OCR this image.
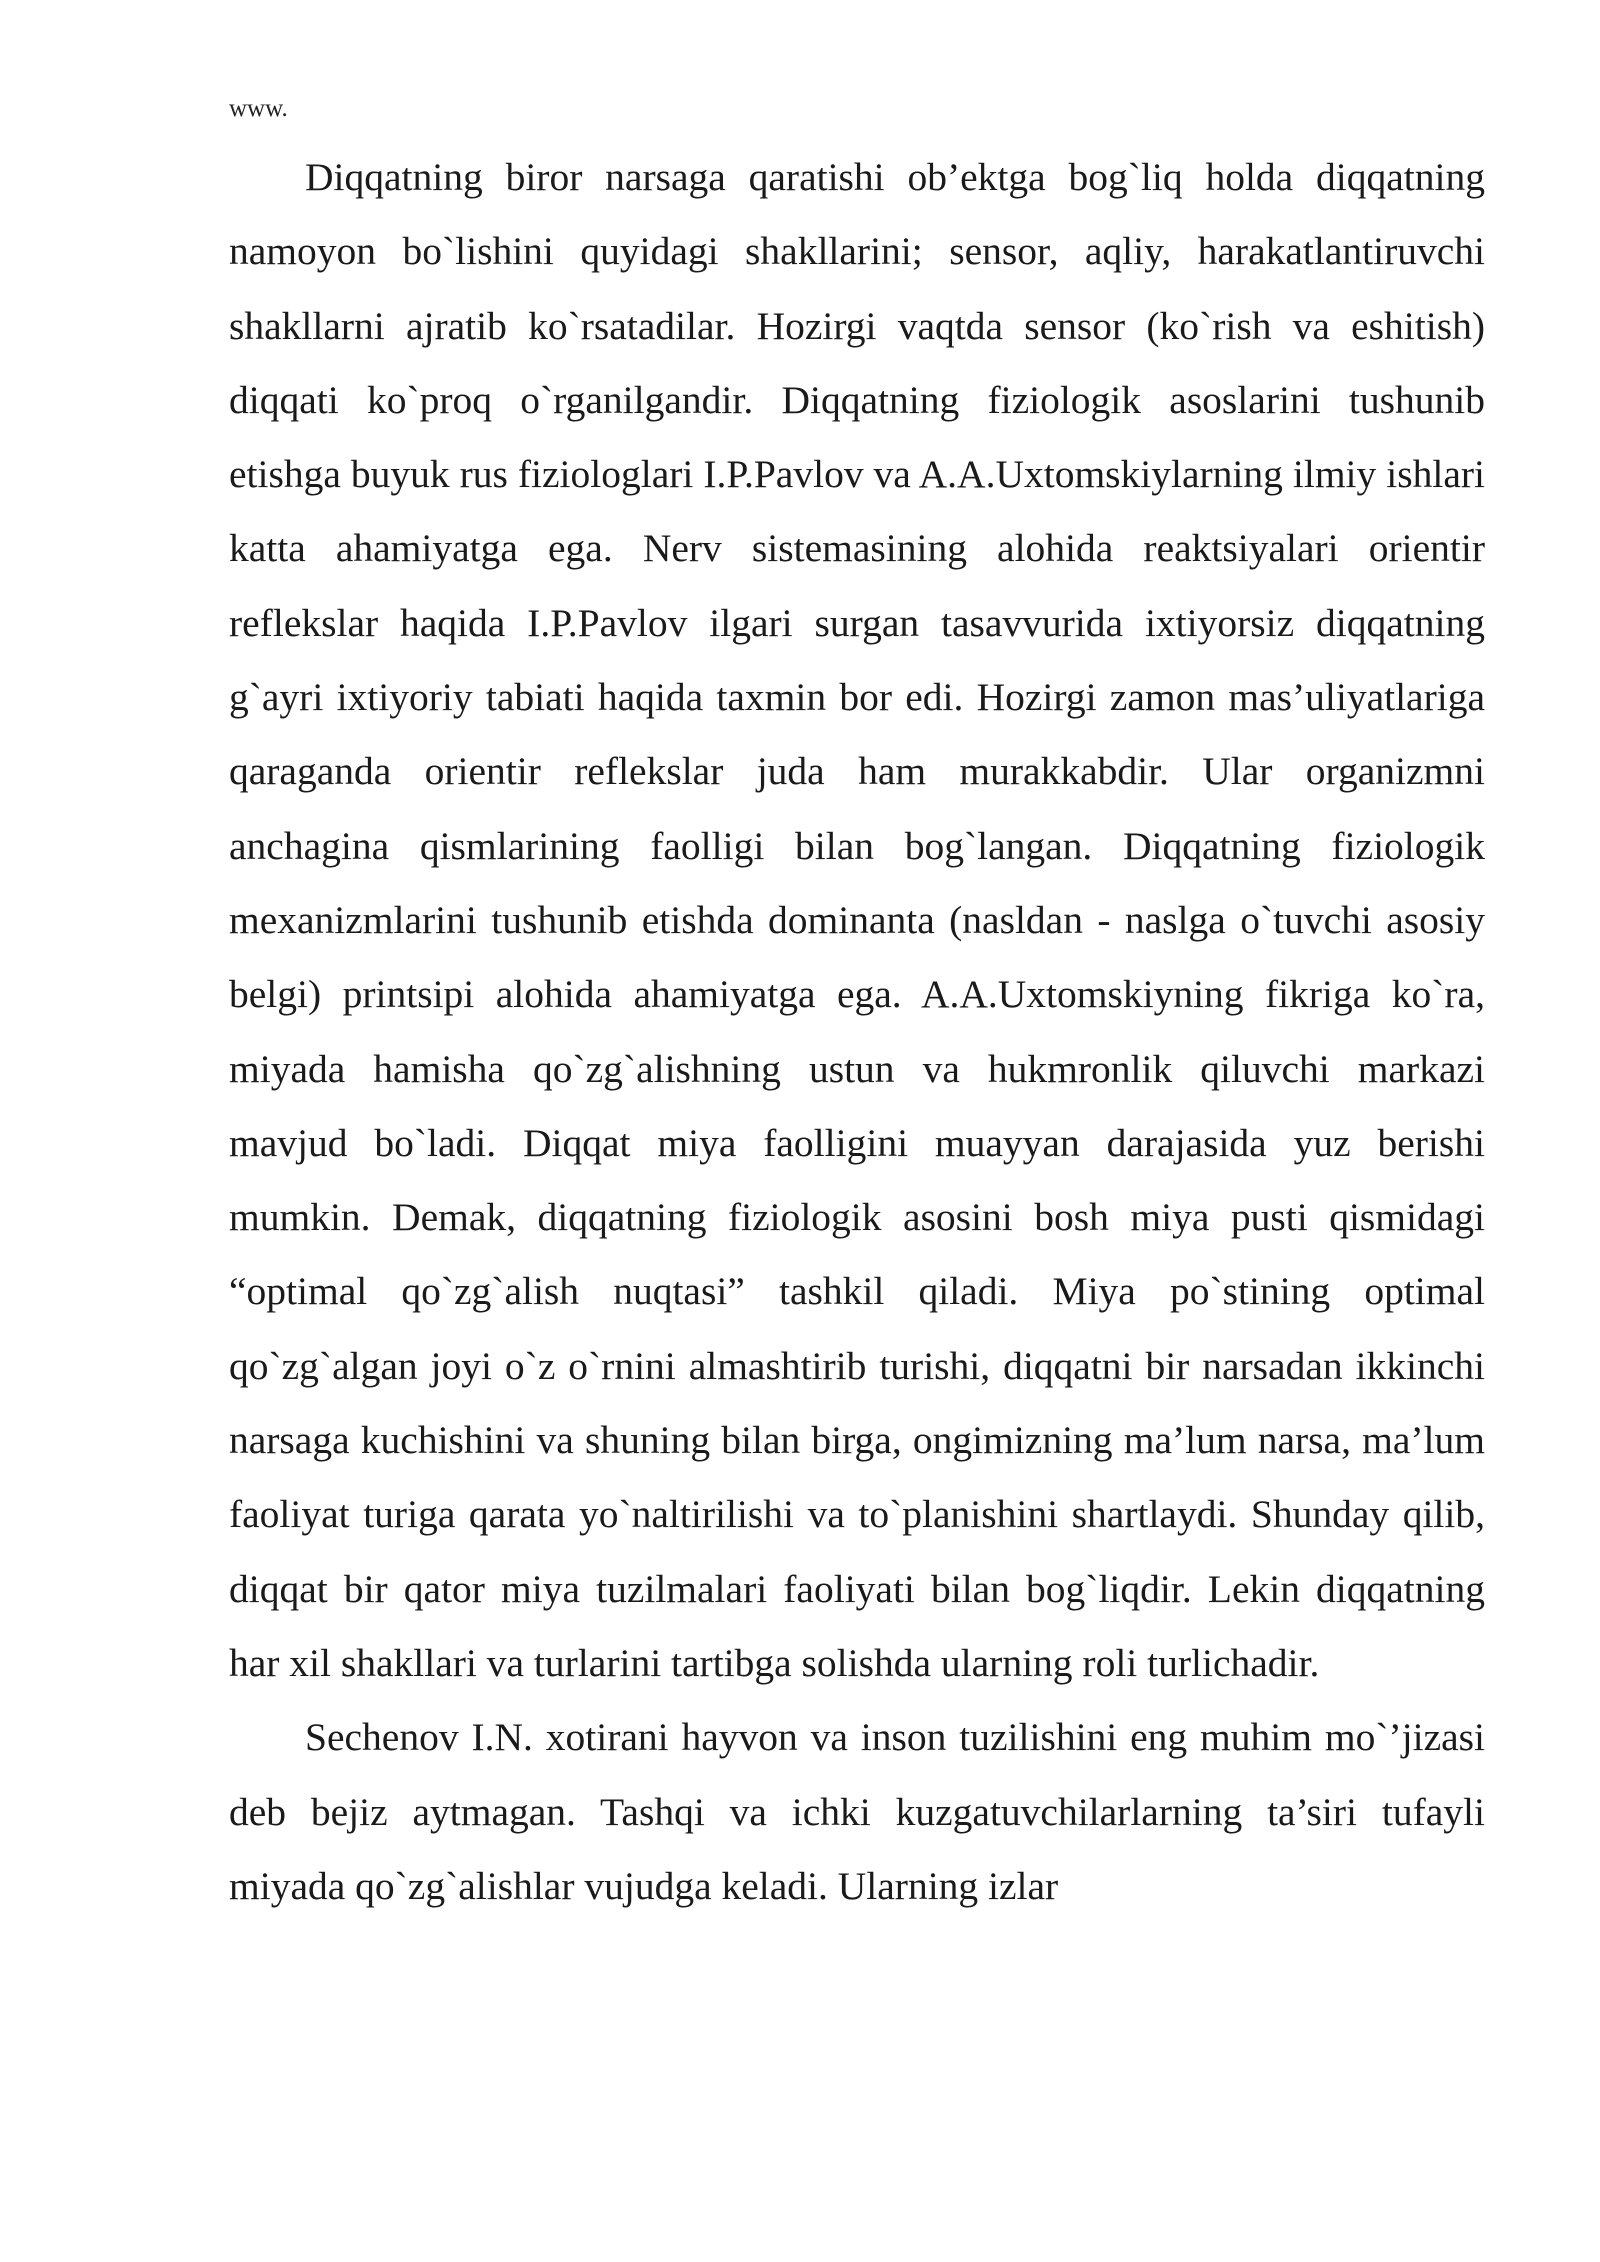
www.

Diqqatning biror narsaga qaratishi ob’ektga bog`liq holda diqqatning namoyon bo`lishini quyidagi shakllarini; sensor, aqliy, harakatlantiruvchi shakllarni ajratib ko`rsatadilar. Hozirgi vaqtda sensor (ko`rish va eshitish) diqqati ko`proq o`rganilgandir. Diqqatning fiziologik asoslarini tushunib etishga buyuk rus fiziologlari I.P.Pavlov va A.A.Uxtomskiylarning ilmiy ishlari katta ahamiyatga ega. Nerv sistemasining alohida reaktsiyalari orientir reflekslar haqida I.P.Pavlov ilgari surgan tasavvurida ixtiyorsiz diqqatning g`ayri ixtiyoriy tabiati haqida taxmin bor edi. Hozirgi zamon mas’uliyatlariga qaraganda orientir reflekslar juda ham murakkabdir. Ular organizmni anchagina qismlarining faolligi bilan bog`langan. Diqqatning fiziologik mexanizmlarini tushunib etishda dominanta (nasldan - naslga o`tuvchi asosiy belgi) printsipi alohida ahamiyatga ega. A.A.Uxtomskiyning fikriga ko`ra, miyada hamisha qo`zg`alishning ustun va hukmronlik qiluvchi markazi mavjud bo`ladi. Diqqat miya faolligini muayyan darajasida yuz berishi mumkin. Demak, diqqatning fiziologik asosini bosh miya pusti qismidagi “optimal qo`zg`alish nuqtasi” tashkil qiladi. Miya po`stining optimal qo`zg`algan joyi o`z o`rnini almashtirib turishi, diqqatni bir narsadan ikkinchi narsaga kuchishini va shuning bilan birga, ongimizning ma’lum narsa, ma’lum faoliyat turiga qarata yo`naltirilishi va to`planishini shartlaydi. Shunday qilib, diqqat bir qator miya tuzilmalari faoliyati bilan bog`liqdir. Lekin diqqatning har xil shakllari va turlarini tartibga solishda ularning roli turlichadir.

Sechenov I.N. xotirani hayvon va inson tuzilishini eng muhim mo`’jizasi deb bejiz aytmagan. Tashqi va ichki kuzgatuvchilarlarning ta’siri tufayli miyada qo`zg`alishlar vujudga keladi. Ularning izlar
